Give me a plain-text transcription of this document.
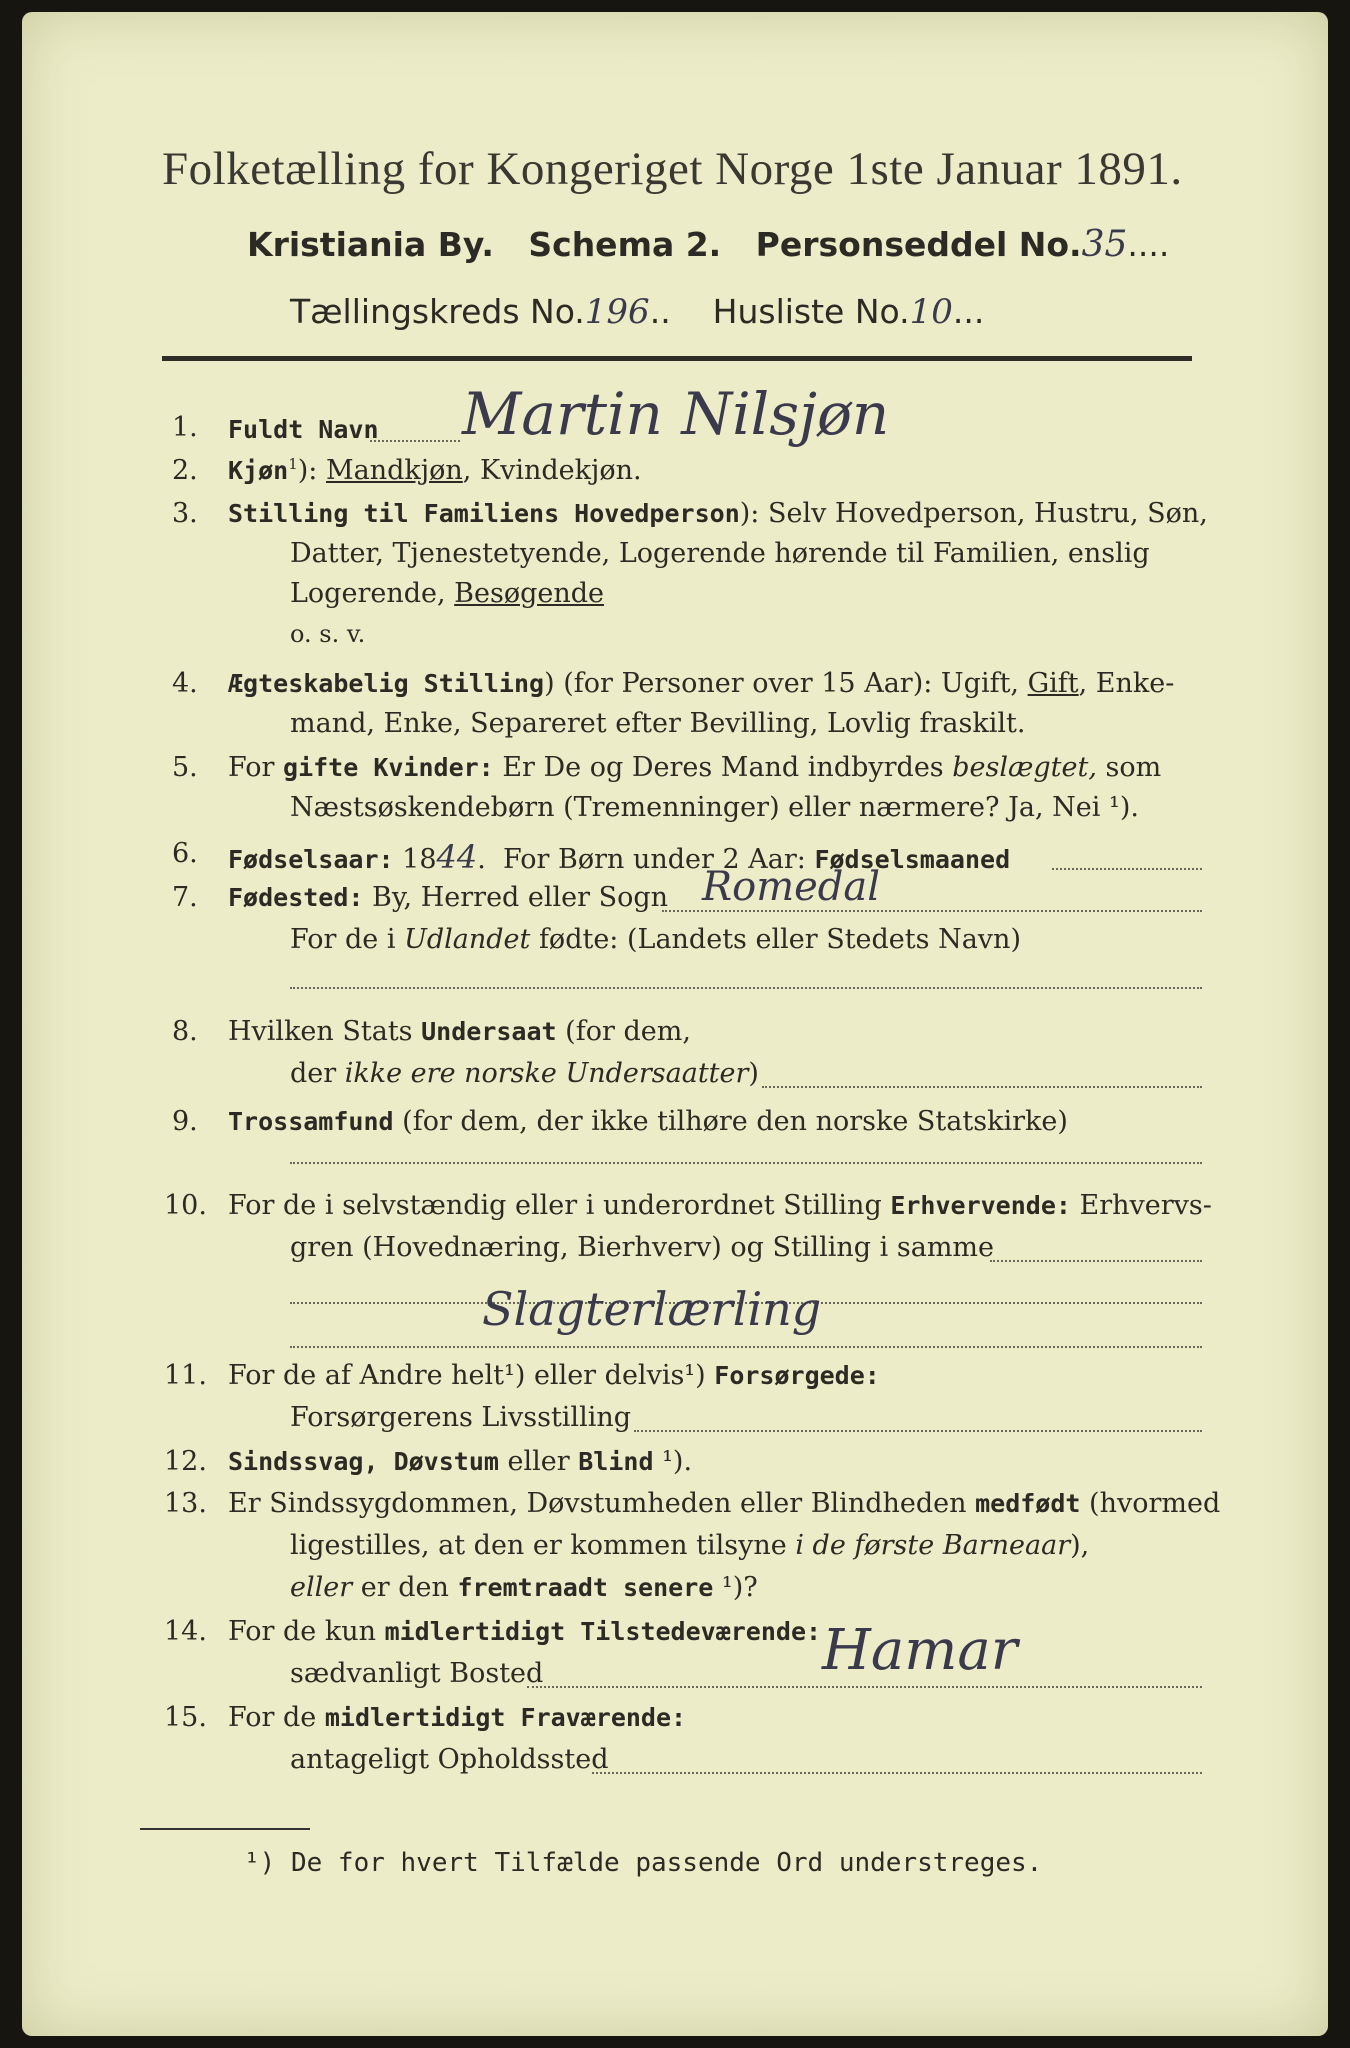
Folketælling for Kongeriget Norge 1ste Januar 1891.
Kristiania By. Schema 2. Personseddel No.35....
Tællingskreds No.196..    Husliste No.10...
1. Fuldt Navn Martin Nilsjøn
2. Kjøn$^1$): Mandkjøn, Kvindekjøn.
3. Stilling til Familiens Hovedperson): Selv Hovedperson, Hustru, Søn,
Datter, Tjenestetyende, Logerende hørende til Familien, enslig
Logerende, Besøgende
o. s. v.
4. Ægteskabelig Stilling) (for Personer over 15 Aar): Ugift, Gift, Enke-
mand, Enke, Separeret efter Bevilling, Lovlig fraskilt.
5. For gifte Kvinder: Er De og Deres Mand indbyrdes beslægtet, som
Næstsøskendebørn (Tremenninger) eller nærmere? Ja, Nei ¹).
6. Fødselsaar: 1844.  For Børn under 2 Aar: Fødselsmaaned
7. Fødested: By, Herred eller Sogn Romedal
For de i Udlandet fødte: (Landets eller Stedets Navn)
8. Hvilken Stats Undersaat (for dem,
der ikke ere norske Undersaatter)
9. Trossamfund (for dem, der ikke tilhøre den norske Statskirke)
10. For de i selvstændig eller i underordnet Stilling Erhvervende: Erhvervs-
gren (Hovednæring, Bierhverv) og Stilling i samme
Slagterlærling
11. For de af Andre helt¹) eller delvis¹) Forsørgede:
Forsørgerens Livsstilling
12. Sindssvag, Døvstum eller Blind ¹).
13. Er Sindssygdommen, Døvstumheden eller Blindheden medfødt (hvormed
ligestilles, at den er kommen tilsyne i de første Barneaar),
eller er den fremtraadt senere ¹)?
14. For de kun midlertidigt Tilstedeværende:
sædvanligt Bosted	Hamar
15. For de midlertidigt Fraværende:
antageligt Opholdssted
¹) De for hvert Tilfælde passende Ord understreges.
